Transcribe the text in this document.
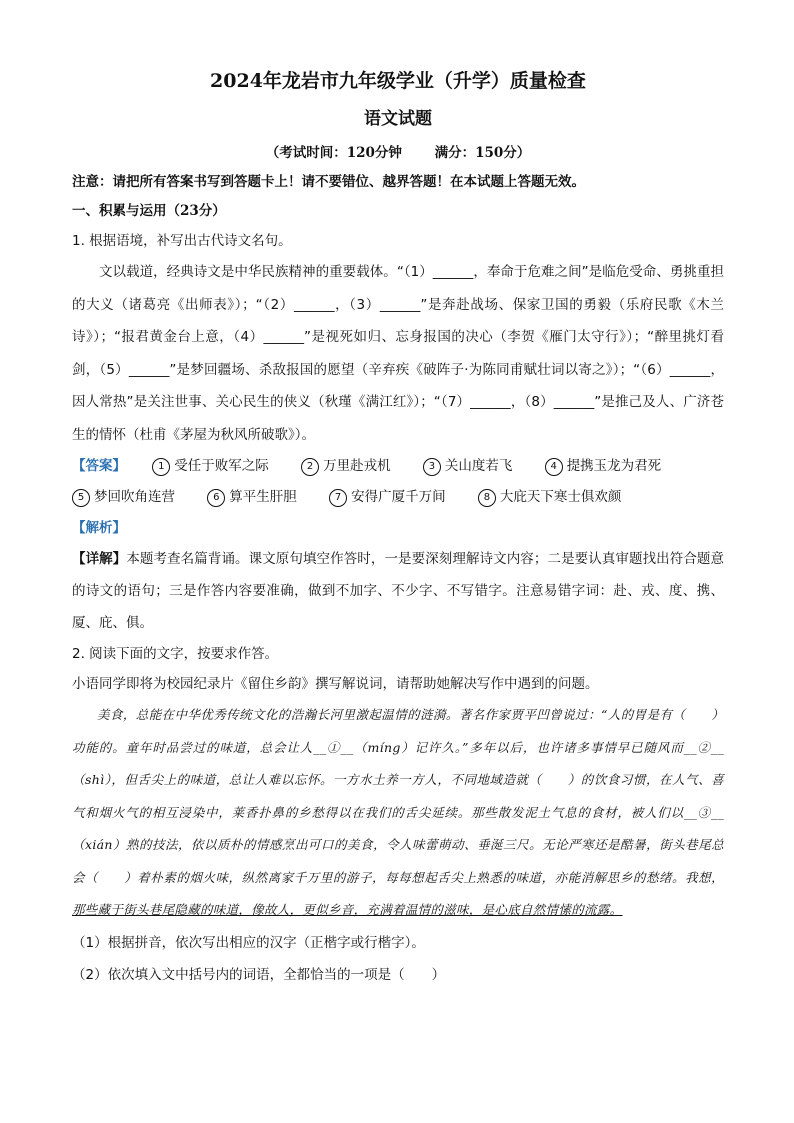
2024年龙岩市九年级学业（升学）质量检查
语文试题

（考试时间：120分钟 满分：150分）

注意：请把所有答案书写到答题卡上！请不要错位、越界答题！在本试题上答题无效。

一、积累与运用（23分）

1. 根据语境，补写出古代诗文名句。

文以载道，经典诗文是中华民族精神的重要载体。“（1）______，奉命于危难之间”是临危受命、勇挑重担的大义（诸葛亮《出师表》）；“（2）______，（3）______”是奔赴战场、保家卫国的勇毅（乐府民歌《木兰诗》）；“报君黄金台上意，（4）______”是视死如归、忘身报国的决心（李贺《雁门太守行》）；“醉里挑灯看剑，（5）______”是梦回疆场、杀敌报国的愿望（辛弃疾《破阵子·为陈同甫赋壮词以寄之》）；“（6）______，因人常热”是关注世事、关心民生的侠义（秋瑾《满江红》）；“（7）______，（8）______”是推己及人、广济苍生的情怀（杜甫《茅屋为秋风所破歌》）。

【答案】	1 受任于败军之际	2 万里赴戎机	3 关山度若飞	4 提携玉龙为君死
5 梦回吹角连营	6 算平生肝胆	7 安得广厦千万间	8 大庇天下寒士俱欢颜

【解析】

【详解】本题考查名篇背诵。课文原句填空作答时，一是要深刻理解诗文内容；二是要认真审题找出符合题意的诗文的语句；三是作答内容要准确，做到不加字、不少字、不写错字。注意易错字词：赴、戎、度、携、厦、庇、俱。

2. 阅读下面的文字，按要求作答。

小语同学即将为校园纪录片《留住乡韵》撰写解说词，请帮助她解决写作中遇到的问题。

美食，总能在中华优秀传统文化的浩瀚长河里激起温情的涟漪。著名作家贾平凹曾说过：“人的胃是有（　　）功能的。童年时品尝过的味道，总会让人__①__（míng）记许久。”多年以后，也许诸多事情早已随风而__②__（shì），但舌尖上的味道，总让人难以忘怀。一方水土养一方人，不同地域造就（　　）的饮食习惯，在人气、喜气和烟火气的相互浸染中，莱香扑鼻的乡愁得以在我们的舌尖延续。那些散发泥土气息的食材，被人们以__③__（xián）熟的技法，依以质朴的情感烹出可口的美食，令人味蕾萌动、垂涎三尺。无论严寒还是酷暑，街头巷尾总会（　　）着朴素的烟火味，纵然离家千万里的游子，每每想起舌尖上熟悉的味道，亦能消解思乡的愁绪。我想，那些藏于街头巷尾隐藏的味道，像故人，更似乡音，充满着温情的滋味，是心底自然情愫的流露。

（1）根据拼音，依次写出相应的汉字（正楷字或行楷字）。

（2）依次填入文中括号内的词语，全都恰当的一项是（　　）
